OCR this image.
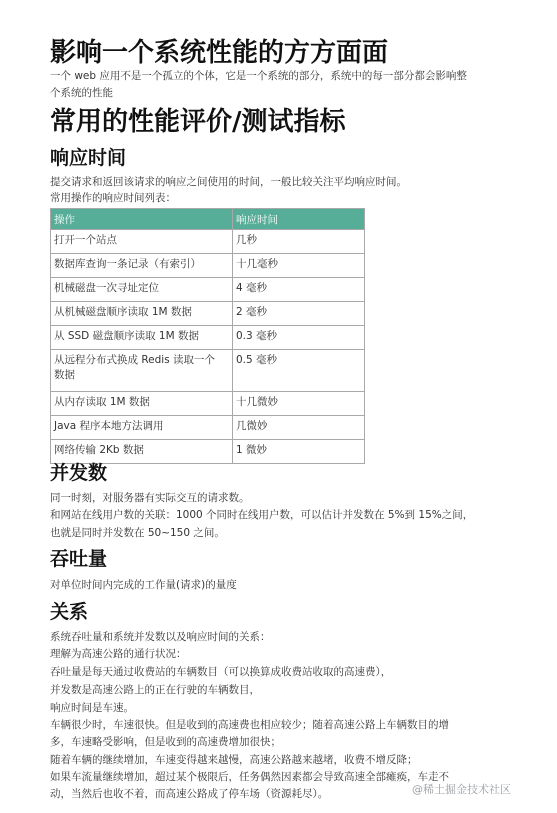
影响一个系统性能的方方面面

一个 web 应用不是一个孤立的个体，它是一个系统的部分，系统中的每一部分都会影响整

个系统的性能

常用的性能评价/测试指标
响应时间

提交请求和返回该请求的响应之间使用的时间，一般比较关注平均响应时间。

常用操作的响应时间列表：

操作	响应时间
打开一个站点	几秒
数据库查询一条记录（有索引）	十几毫秒
机械磁盘一次寻址定位	4 毫秒
从机械磁盘顺序读取 1M 数据	2 毫秒
从 SSD 磁盘顺序读取 1M 数据	0.3 毫秒
从远程分布式换成 Redis 读取一个
数据	0.5 毫秒
从内存读取 1M 数据	十几微妙
Java 程序本地方法调用	几微妙
网络传输 2Kb 数据	1 微妙
并发数

同一时刻，对服务器有实际交互的请求数。

和网站在线用户数的关联：1000 个同时在线用户数，可以估计并发数在 5%到 15%之间，

也就是同时并发数在 50~150 之间。

吞吐量

对单位时间内完成的工作量(请求)的量度

关系

系统吞吐量和系统并发数以及响应时间的关系：

理解为高速公路的通行状况：

吞吐量是每天通过收费站的车辆数目（可以换算成收费站收取的高速费），

并发数是高速公路上的正在行驶的车辆数目，

响应时间是车速。

车辆很少时，车速很快。但是收到的高速费也相应较少；随着高速公路上车辆数目的增

多，车速略受影响，但是收到的高速费增加很快；

随着车辆的继续增加，车速变得越来越慢，高速公路越来越堵，收费不增反降；

如果车流量继续增加，超过某个极限后，任务偶然因素都会导致高速全部瘫痪，车走不

动，当然后也收不着，而高速公路成了停车场（资源耗尽）。	@稀土掘金技术社区
